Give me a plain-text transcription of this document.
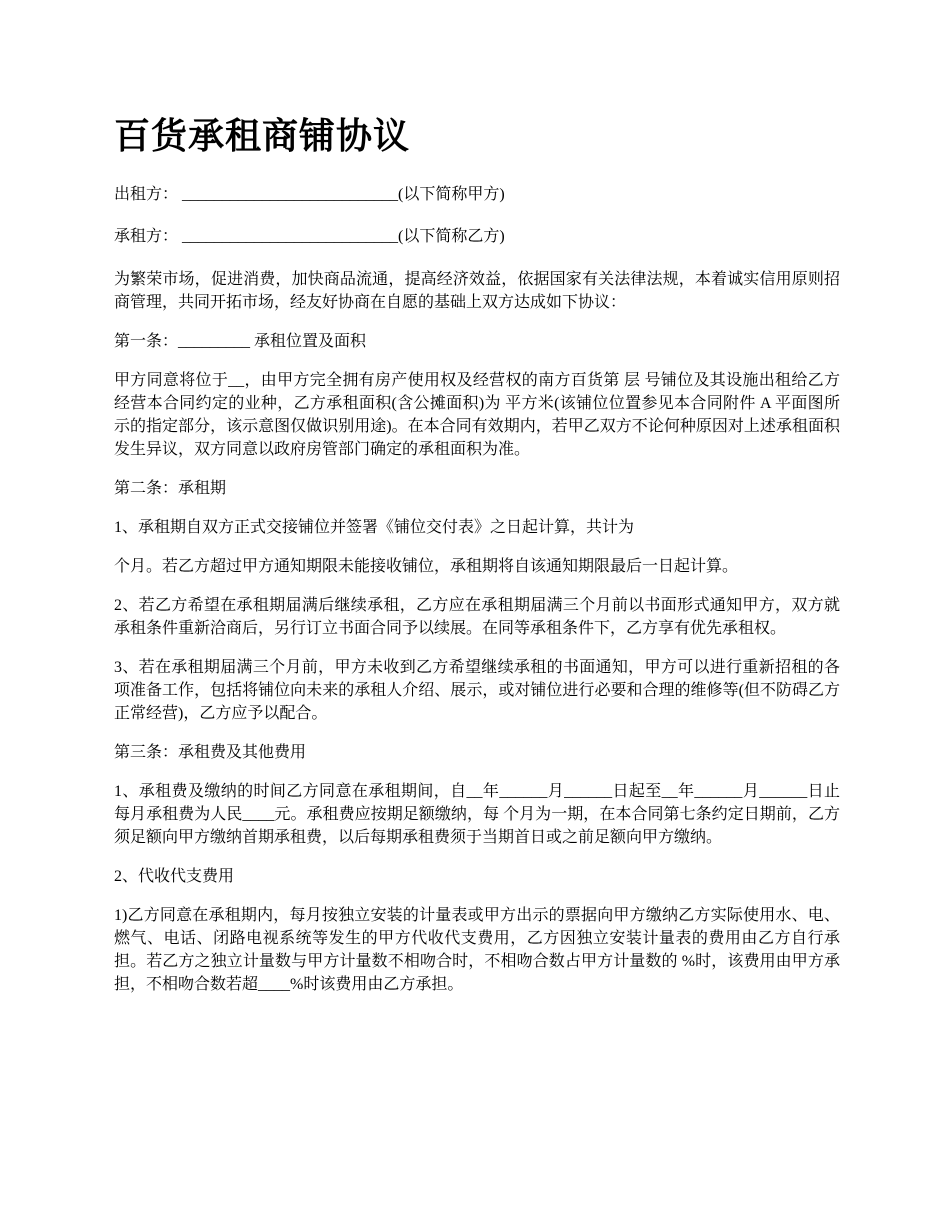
百货承租商铺协议

出租方： ___________________________(以下简称甲方)

承租方： ___________________________(以下简称乙方)

为繁荣市场，促进消费，加快商品流通，提高经济效益，依据国家有关法律法规，本着诚实信用原则招商管理，共同开拓市场，经友好协商在自愿的基础上双方达成如下协议：

第一条：_________ 承租位置及面积

甲方同意将位于__，由甲方完全拥有房产使用权及经营权的南方百货第 层 号铺位及其设施出租给乙方经营本合同约定的业种，乙方承租面积(含公摊面积)为 平方米(该铺位位置参见本合同附件 A 平面图所示的指定部分，该示意图仅做识别用途)。在本合同有效期内，若甲乙双方不论何种原因对上述承租面积发生异议，双方同意以政府房管部门确定的承租面积为准。

第二条：承租期

1、承租期自双方正式交接铺位并签署《铺位交付表》之日起计算，共计为

个月。若乙方超过甲方通知期限未能接收铺位，承租期将自该通知期限最后一日起计算。

2、若乙方希望在承租期届满后继续承租，乙方应在承租期届满三个月前以书面形式通知甲方，双方就承租条件重新洽商后，另行订立书面合同予以续展。在同等承租条件下，乙方享有优先承租权。

3、若在承租期届满三个月前，甲方未收到乙方希望继续承租的书面通知，甲方可以进行重新招租的各项准备工作，包括将铺位向未来的承租人介绍、展示，或对铺位进行必要和合理的维修等(但不防碍乙方正常经营)，乙方应予以配合。

第三条：承租费及其他费用

1、承租费及缴纳的时间乙方同意在承租期间，自__年______月______日起至__年______月______日止每月承租费为人民____元。承租费应按期足额缴纳，每 个月为一期，在本合同第七条约定日期前，乙方须足额向甲方缴纳首期承租费，以后每期承租费须于当期首日或之前足额向甲方缴纳。

2、代收代支费用

1)乙方同意在承租期内，每月按独立安装的计量表或甲方出示的票据向甲方缴纳乙方实际使用水、电、燃气、电话、闭路电视系统等发生的甲方代收代支费用，乙方因独立安装计量表的费用由乙方自行承担。若乙方之独立计量数与甲方计量数不相吻合时，不相吻合数占甲方计量数的 %时，该费用由甲方承担，不相吻合数若超____%时该费用由乙方承担。
